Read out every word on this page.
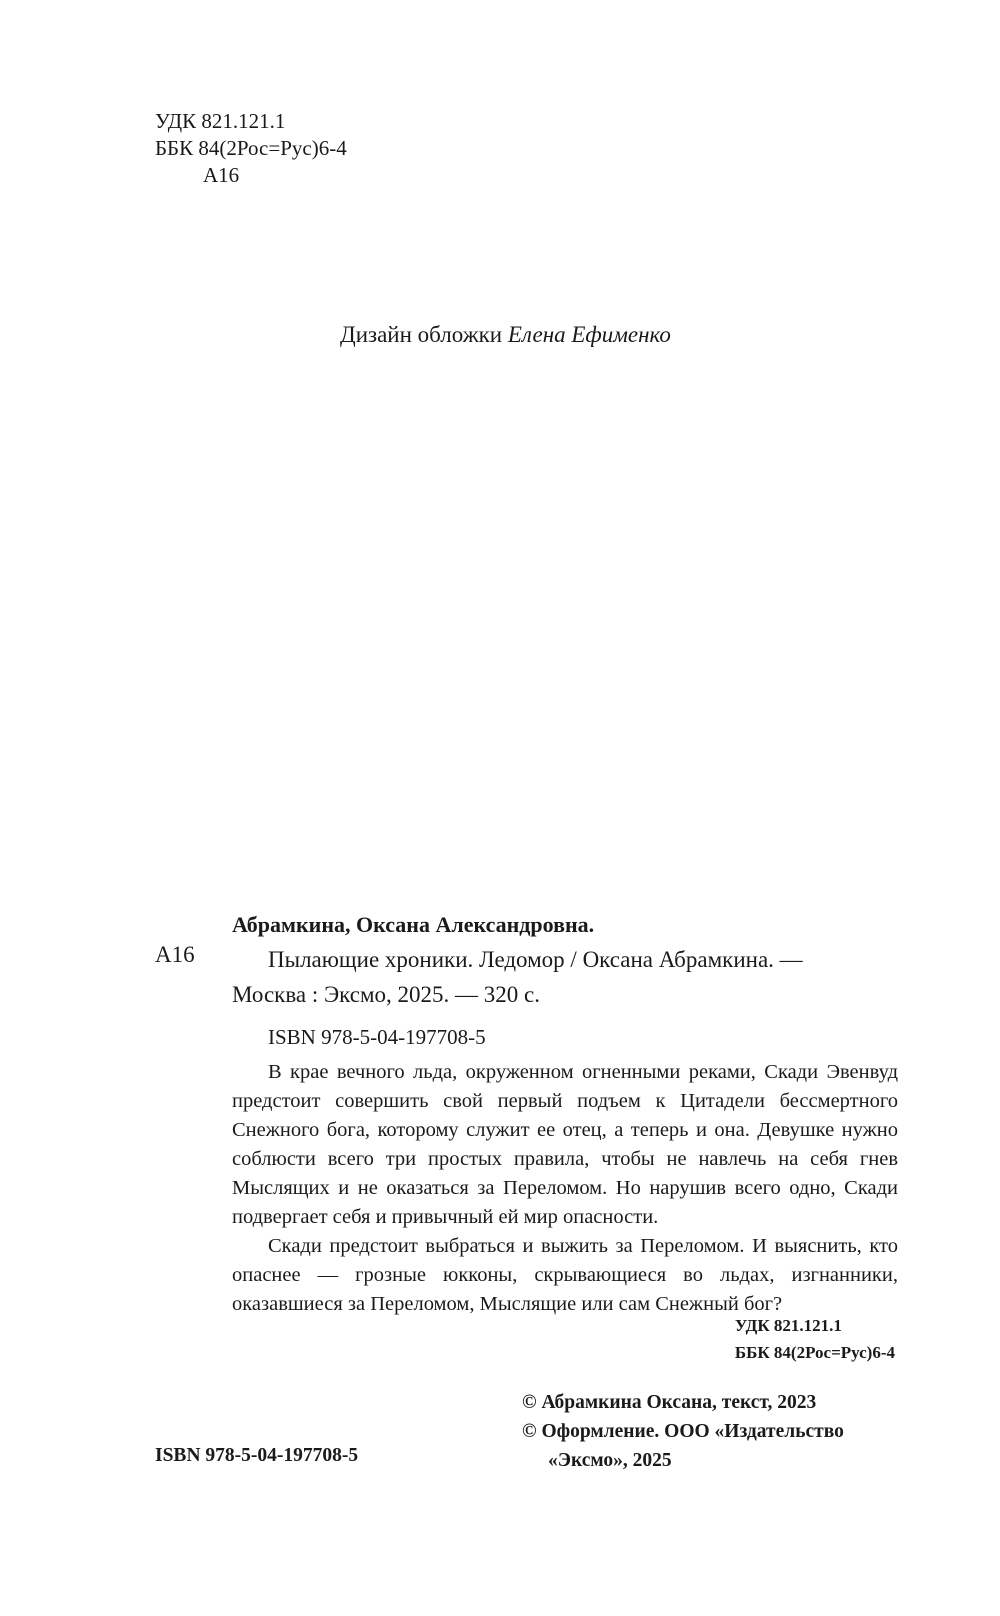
УДК 821.121.1
ББК 84(2Рос=Рус)6-4
А16
Дизайн обложки Елена Ефименко
А16
Абрамкина, Оксана Александровна.
Пылающие хроники. Ледомор / Оксана Абрамкина. —
Москва : Эксмо, 2025. — 320 с.
ISBN 978-5-04-197708-5

В крае вечного льда, окруженном огненными реками, Скади Эвенвуд предстоит совершить свой первый подъем к Цитадели бессмертного Снежного бога, которому служит ее отец, а теперь и она. Девушке нужно соблюсти всего три простых правила, чтобы не навлечь на себя гнев Мыслящих и не оказаться за Переломом. Но нарушив всего одно, Скади подвергает себя и привычный ей мир опасности.

Скади предстоит выбраться и выжить за Переломом. И выяснить, кто опаснее — грозные юкконы, скрывающиеся во льдах, изгнанники, оказавшиеся за Переломом, Мыслящие или сам Снежный бог?

УДК 821.121.1
ББК 84(2Рос=Рус)6-4
© Абрамкина Оксана, текст, 2023
© Оформление. ООО «Издательство
«Эксмо», 2025
ISBN 978-5-04-197708-5
